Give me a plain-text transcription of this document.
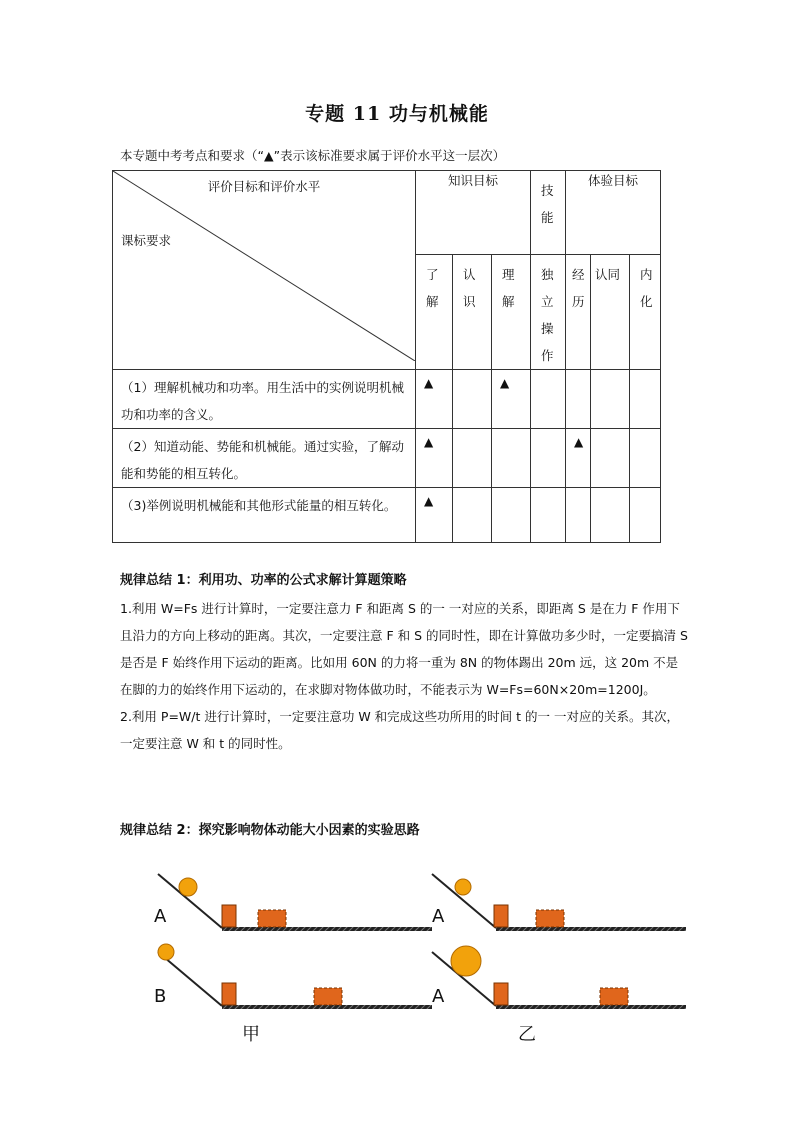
专题 11 功与机械能
本专题中考考点和要求（“▲”表示该标准要求属于评价水平这一层次）
评价目标和评价水平
课标要求	知识目标			技能	体验目标		

	了解	认识	理解	独立操作	经历	认同	内化

（1）理解机械功和功率。用生活中的实例说明机械功和功率的含义。	▲		▲				

（2）知道动能、势能和机械能。通过实验，了解动能和势能的相互转化。	▲				▲		

（3)举例说明机械能和其他形式能量的相互转化。	▲						

规律总结 1：利用功、功率的公式求解计算题策略

1.利用 W=Fs 进行计算时，一定要注意力 F 和距离 S 的一 一对应的关系，即距离 S 是在力 F 作用下且沿力的方向上移动的距离。其次，一定要注意 F 和 S 的同时性，即在计算做功多少时，一定要搞清 S 是否是 F 始终作用下运动的距离。比如用 60N 的力将一重为 8N 的物体踢出 20m 远，这 20m 不是在脚的力的始终作用下运动的，在求脚对物体做功时，不能表示为 W=Fs=60N×20m=1200J。

2.利用 P=W/t 进行计算时，一定要注意功 W 和完成这些功所用的时间 t 的一 一对应的关系。其次，一定要注意 W 和 t 的同时性。

规律总结 2：探究影响物体动能大小因素的实验思路
A
B
甲
A
A
乙
